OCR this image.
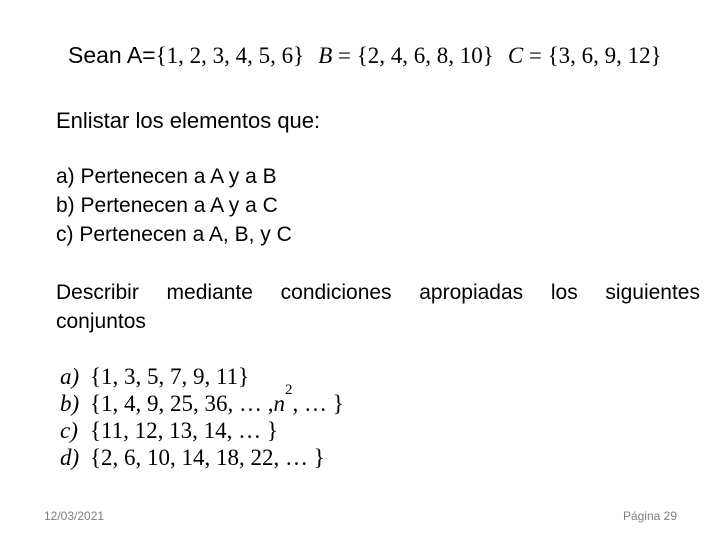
Sean A={1, 2, 3, 4, 5, 6} B = {2, 4, 6, 8, 10} C = {3, 6, 9, 12}
Enlistar los elementos que:
a) Pertenecen a A y a B
b) Pertenecen a A y a C
c) Pertenecen a A, B, y C
Describir mediante condiciones apropiadas los siguientes conjuntos
a) {1, 3, 5, 7, 9, 11}
b) {1, 4, 9, 25, 36, … , n
2
, … }
c) {11, 12, 13, 14, … }
d) {2, 6, 10, 14, 18, 22, … }
12/03/2021	Página 29
